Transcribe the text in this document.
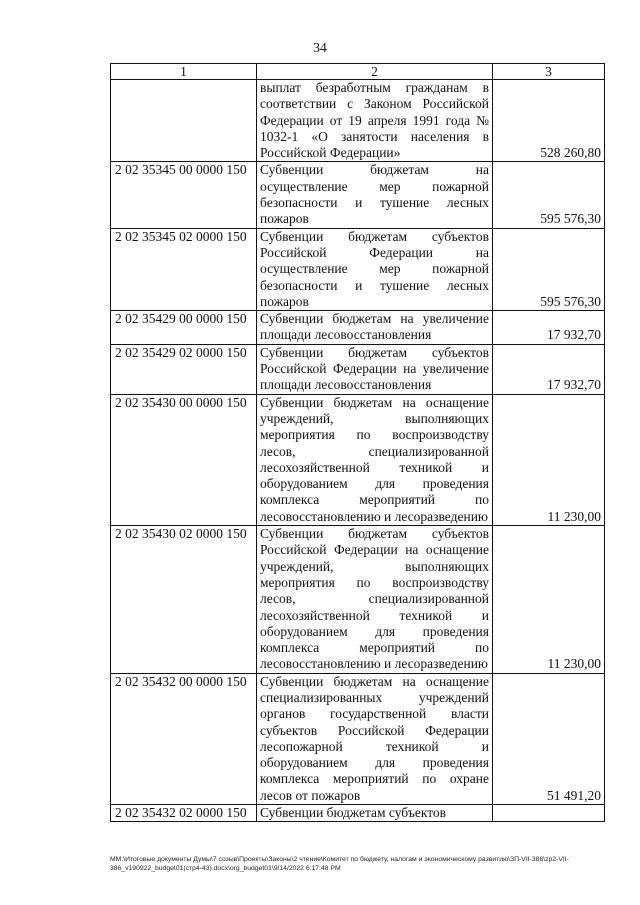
34
1	2	3
	выплат безработным гражданам в соответствии с Законом Российской Федерации от 19 апреля 1991 года № 1032-1 «О занятости населения в Российской Федерации»	528 260,80
2 02 35345 00 0000 150	Субвенции бюджетам на осуществление мер пожарной безопасности и тушение лесных пожаров	595 576,30
2 02 35345 02 0000 150	Субвенции бюджетам субъектов Российской Федерации на осуществление мер пожарной безопасности и тушение лесных пожаров	595 576,30
2 02 35429 00 0000 150	Субвенции бюджетам на увеличение площади лесовосстановления	17 932,70
2 02 35429 02 0000 150	Субвенции бюджетам субъектов Российской Федерации на увеличение площади лесовосстановления	17 932,70
2 02 35430 00 0000 150	Субвенции бюджетам на оснащение учреждений, выполняющих мероприятия по воспроизводству лесов, специализированной лесохозяйственной техникой и оборудованием для проведения комплекса мероприятий по лесовосстановлению и лесоразведению	11 230,00
2 02 35430 02 0000 150	Субвенции бюджетам субъектов Российской Федерации на оснащение учреждений, выполняющих мероприятия по воспроизводству лесов, специализированной лесохозяйственной техникой и оборудованием для проведения комплекса мероприятий по лесовосстановлению и лесоразведению	11 230,00
2 02 35432 00 0000 150	Субвенции бюджетам на оснащение специализированных учреждений органов государственной власти субъектов Российской Федерации лесопожарной техникой и оборудованием для проведения комплекса мероприятий по охране лесов от пожаров	51 491,20
2 02 35432 02 0000 150	Субвенции бюджетам субъектов	
ММ:\Итоговые документы Думы\7 созыв\Проекты\Законы\2 чтение\Комитет по бюджету, налогам и экономическому развитию\ЗП-VII-386\zp2-VII-
386_v190922_budget01(стр4-43).docx\org_budget01\9/14/2022 6:17:48 PM
